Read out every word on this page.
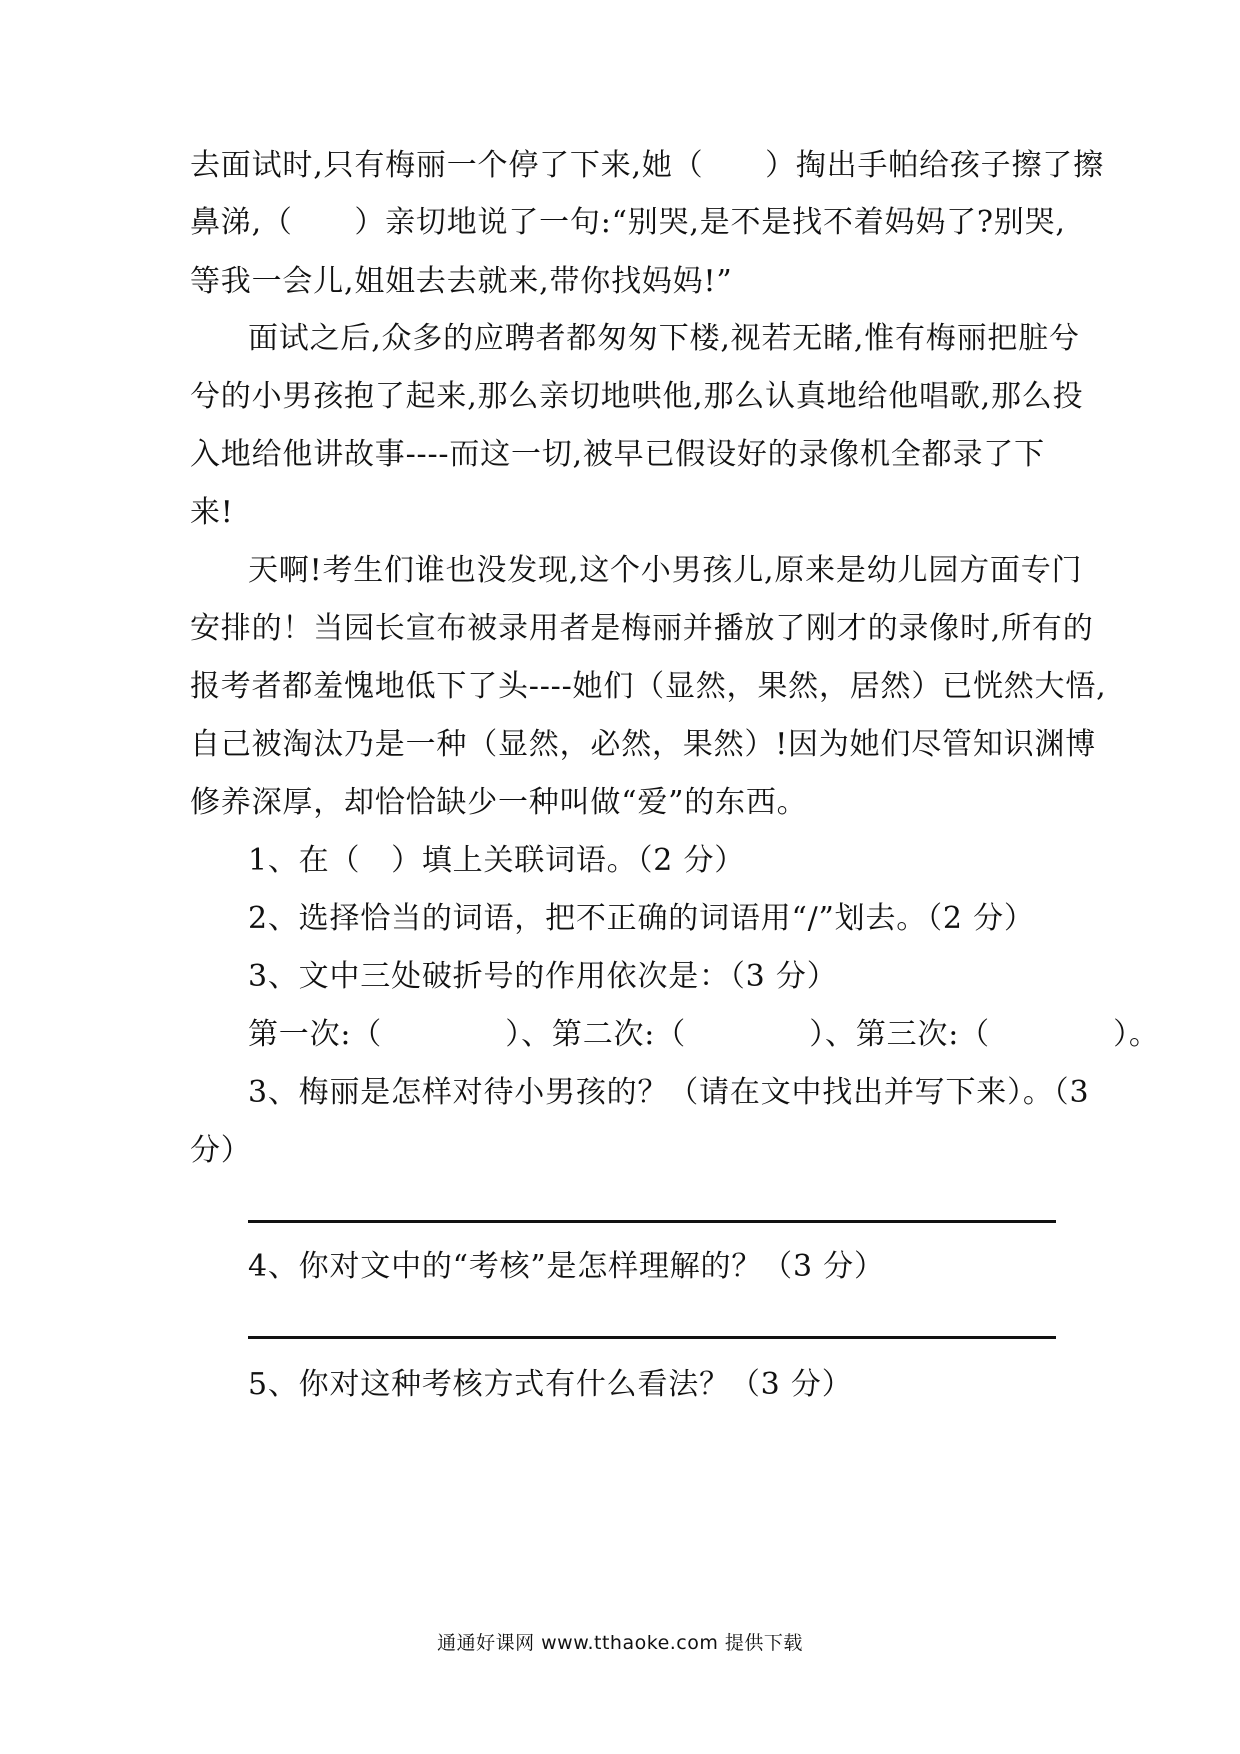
去面试时,只有梅丽一个停了下来,她（　　）掏出手帕给孩子擦了擦
鼻涕,（　　）亲切地说了一句:“别哭,是不是找不着妈妈了?别哭,
等我一会儿,姐姐去去就来,带你找妈妈!”
面试之后,众多的应聘者都匆匆下楼,视若无睹,惟有梅丽把脏兮
兮的小男孩抱了起来,那么亲切地哄他,那么认真地给他唱歌,那么投
入地给他讲故事----而这一切,被早已假设好的录像机全都录了下
来!
天啊!考生们谁也没发现,这个小男孩儿,原来是幼儿园方面专门
安排的！当园长宣布被录用者是梅丽并播放了刚才的录像时,所有的
报考者都羞愧地低下了头----她们（显然，果然，居然）已恍然大悟,
自己被淘汰乃是一种（显然，必然，果然）!因为她们尽管知识渊博
修养深厚，却恰恰缺少一种叫做“爱”的东西。
1、在（　）填上关联词语。（2 分）
2、选择恰当的词语，把不正确的词语用“/”划去。（2 分）
3、文中三处破折号的作用依次是：（3 分）
第一次:（　　　　）、第二次:（　　　　）、第三次:（　　　　）。
3、梅丽是怎样对待小男孩的？（请在文中找出并写下来）。（3
分）
4、你对文中的“考核”是怎样理解的？（3 分）
5、你对这种考核方式有什么看法？（3 分）
通通好课网 www.tthaoke.com 提供下载
